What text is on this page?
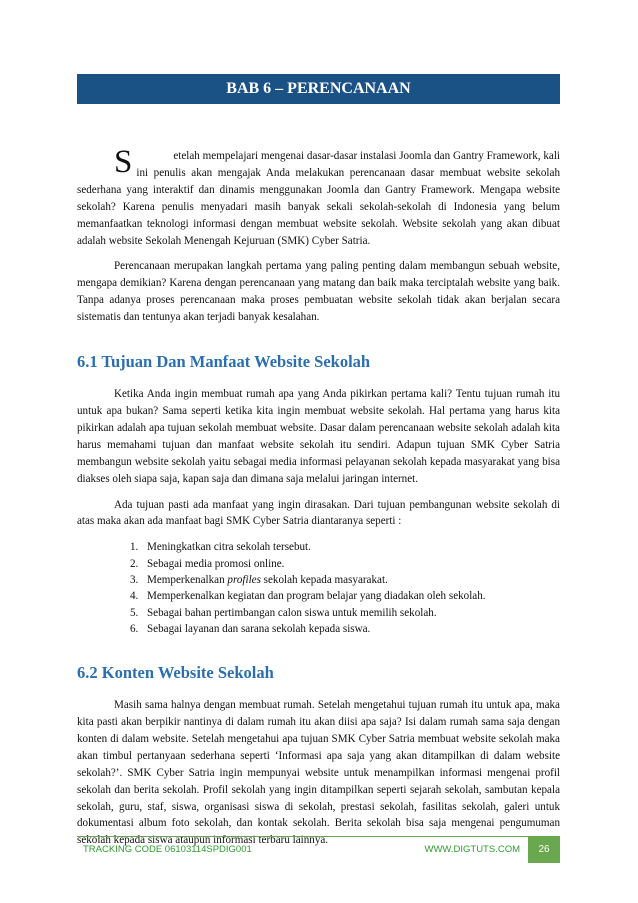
BAB 6 – PERENCANAAN

S	etelah mempelajari mengenai dasar-dasar instalasi Joomla dan Gantry Framework, kali ini penulis akan mengajak Anda melakukan perencanaan dasar membuat website sekolah sederhana yang interaktif dan dinamis menggunakan Joomla dan Gantry Framework. Mengapa website sekolah? Karena penulis menyadari masih banyak sekali sekolah-sekolah di Indonesia yang belum memanfaatkan teknologi informasi dengan membuat website sekolah. Website sekolah yang akan dibuat adalah website Sekolah Menengah Kejuruan (SMK) Cyber Satria.

Perencanaan merupakan langkah pertama yang paling penting dalam membangun sebuah website, mengapa demikian? Karena dengan perencanaan yang matang dan baik maka terciptalah website yang baik. Tanpa adanya proses perencanaan maka proses pembuatan website sekolah tidak akan berjalan secara sistematis dan tentunya akan terjadi banyak kesalahan.

6.1 Tujuan Dan Manfaat Website Sekolah

Ketika Anda ingin membuat rumah apa yang Anda pikirkan pertama kali? Tentu tujuan rumah itu untuk apa bukan? Sama seperti ketika kita ingin membuat website sekolah. Hal pertama yang harus kita pikirkan adalah apa tujuan sekolah membuat website. Dasar dalam perencanaan website sekolah adalah kita harus memahami tujuan dan manfaat website sekolah itu sendiri. Adapun tujuan SMK Cyber Satria membangun website sekolah yaitu sebagai media informasi pelayanan sekolah kepada masyarakat yang bisa diakses oleh siapa saja, kapan saja dan dimana saja melalui jaringan internet.

Ada tujuan pasti ada manfaat yang ingin dirasakan. Dari tujuan pembangunan website sekolah di atas maka akan ada manfaat bagi SMK Cyber Satria diantaranya seperti :

1. Meningkatkan citra sekolah tersebut.
2. Sebagai media promosi online.
3. Memperkenalkan profiles sekolah kepada masyarakat.
4. Memperkenalkan kegiatan dan program belajar yang diadakan oleh sekolah.
5. Sebagai bahan pertimbangan calon siswa untuk memilih sekolah.
6. Sebagai layanan dan sarana sekolah kepada siswa.
6.2 Konten Website Sekolah

Masih sama halnya dengan membuat rumah. Setelah mengetahui tujuan rumah itu untuk apa, maka kita pasti akan berpikir nantinya di dalam rumah itu akan diisi apa saja? Isi dalam rumah sama saja dengan konten di dalam website. Setelah mengetahui apa tujuan SMK Cyber Satria membuat website sekolah maka akan timbul pertanyaan sederhana seperti ‘Informasi apa saja yang akan ditampilkan di dalam website sekolah?’. SMK Cyber Satria ingin mempunyai website untuk menampilkan informasi mengenai profil sekolah dan berita sekolah. Profil sekolah yang ingin ditampilkan seperti sejarah sekolah, sambutan kepala sekolah, guru, staf, siswa, organisasi siswa di sekolah, prestasi sekolah, fasilitas sekolah, galeri untuk dokumentasi album foto sekolah, dan kontak sekolah. Berita sekolah bisa saja mengenai pengumuman sekolah kepada siswa ataupun informasi terbaru lainnya.

TRACKING CODE 06103114SPDIG001	WWW.DIGTUTS.COM	26
